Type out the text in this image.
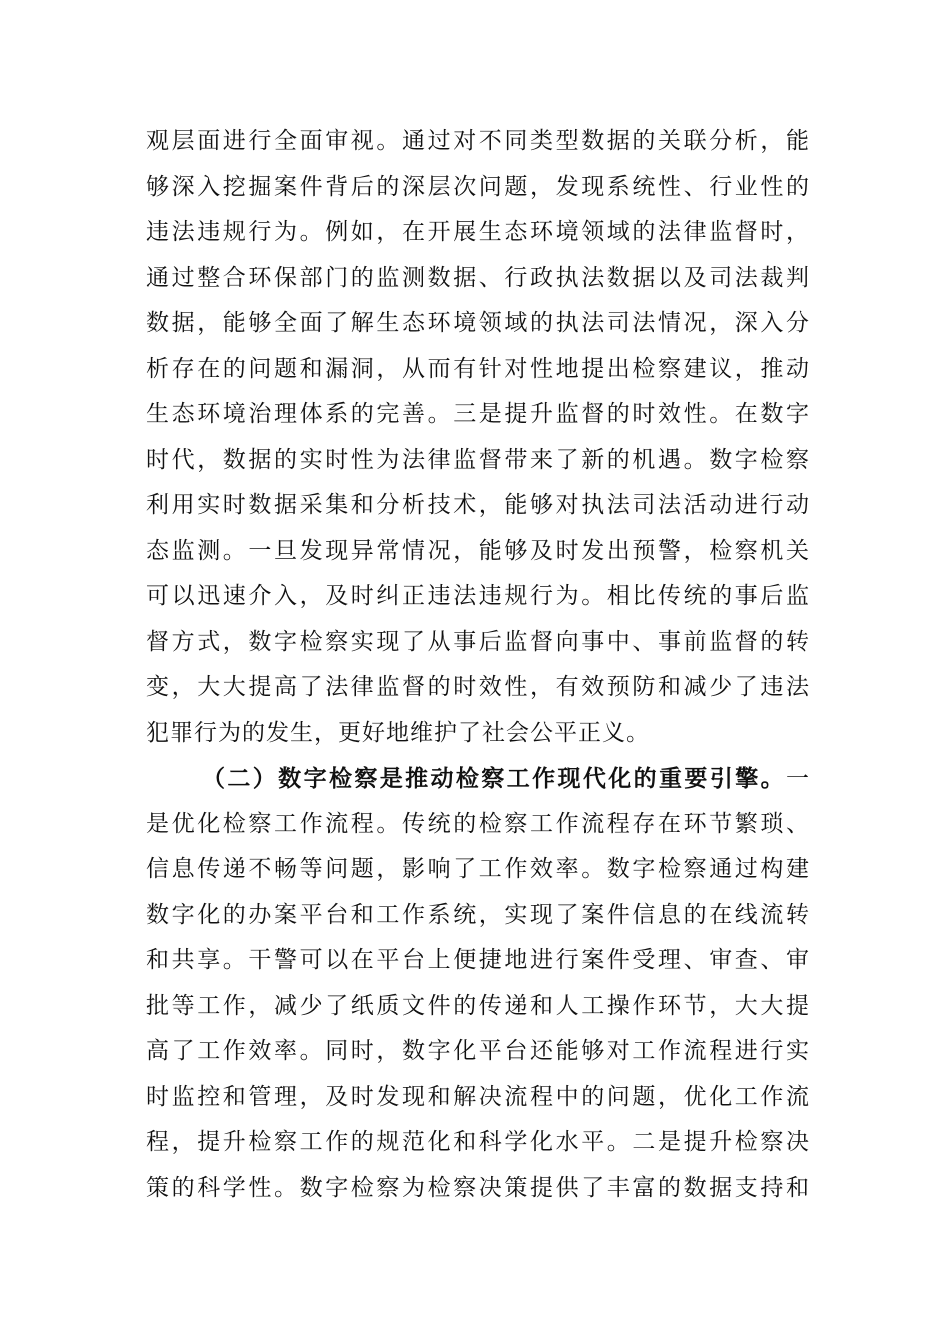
观层面进行全面审视。通过对不同类型数据的关联分析，能
够深入挖掘案件背后的深层次问题，发现系统性、行业性的
违法违规行为。例如，在开展生态环境领域的法律监督时，
通过整合环保部门的监测数据、行政执法数据以及司法裁判
数据，能够全面了解生态环境领域的执法司法情况，深入分
析存在的问题和漏洞，从而有针对性地提出检察建议，推动
生态环境治理体系的完善。三是提升监督的时效性。在数字
时代，数据的实时性为法律监督带来了新的机遇。数字检察
利用实时数据采集和分析技术，能够对执法司法活动进行动
态监测。一旦发现异常情况，能够及时发出预警，检察机关
可以迅速介入，及时纠正违法违规行为。相比传统的事后监
督方式，数字检察实现了从事后监督向事中、事前监督的转
变，大大提高了法律监督的时效性，有效预防和减少了违法
犯罪行为的发生，更好地维护了社会公平正义。
（二）数字检察是推动检察工作现代化的重要引擎。一
是优化检察工作流程。传统的检察工作流程存在环节繁琐、
信息传递不畅等问题，影响了工作效率。数字检察通过构建
数字化的办案平台和工作系统，实现了案件信息的在线流转
和共享。干警可以在平台上便捷地进行案件受理、审查、审
批等工作，减少了纸质文件的传递和人工操作环节，大大提
高了工作效率。同时，数字化平台还能够对工作流程进行实
时监控和管理，及时发现和解决流程中的问题，优化工作流
程，提升检察工作的规范化和科学化水平。二是提升检察决
策的科学性。数字检察为检察决策提供了丰富的数据支持和
